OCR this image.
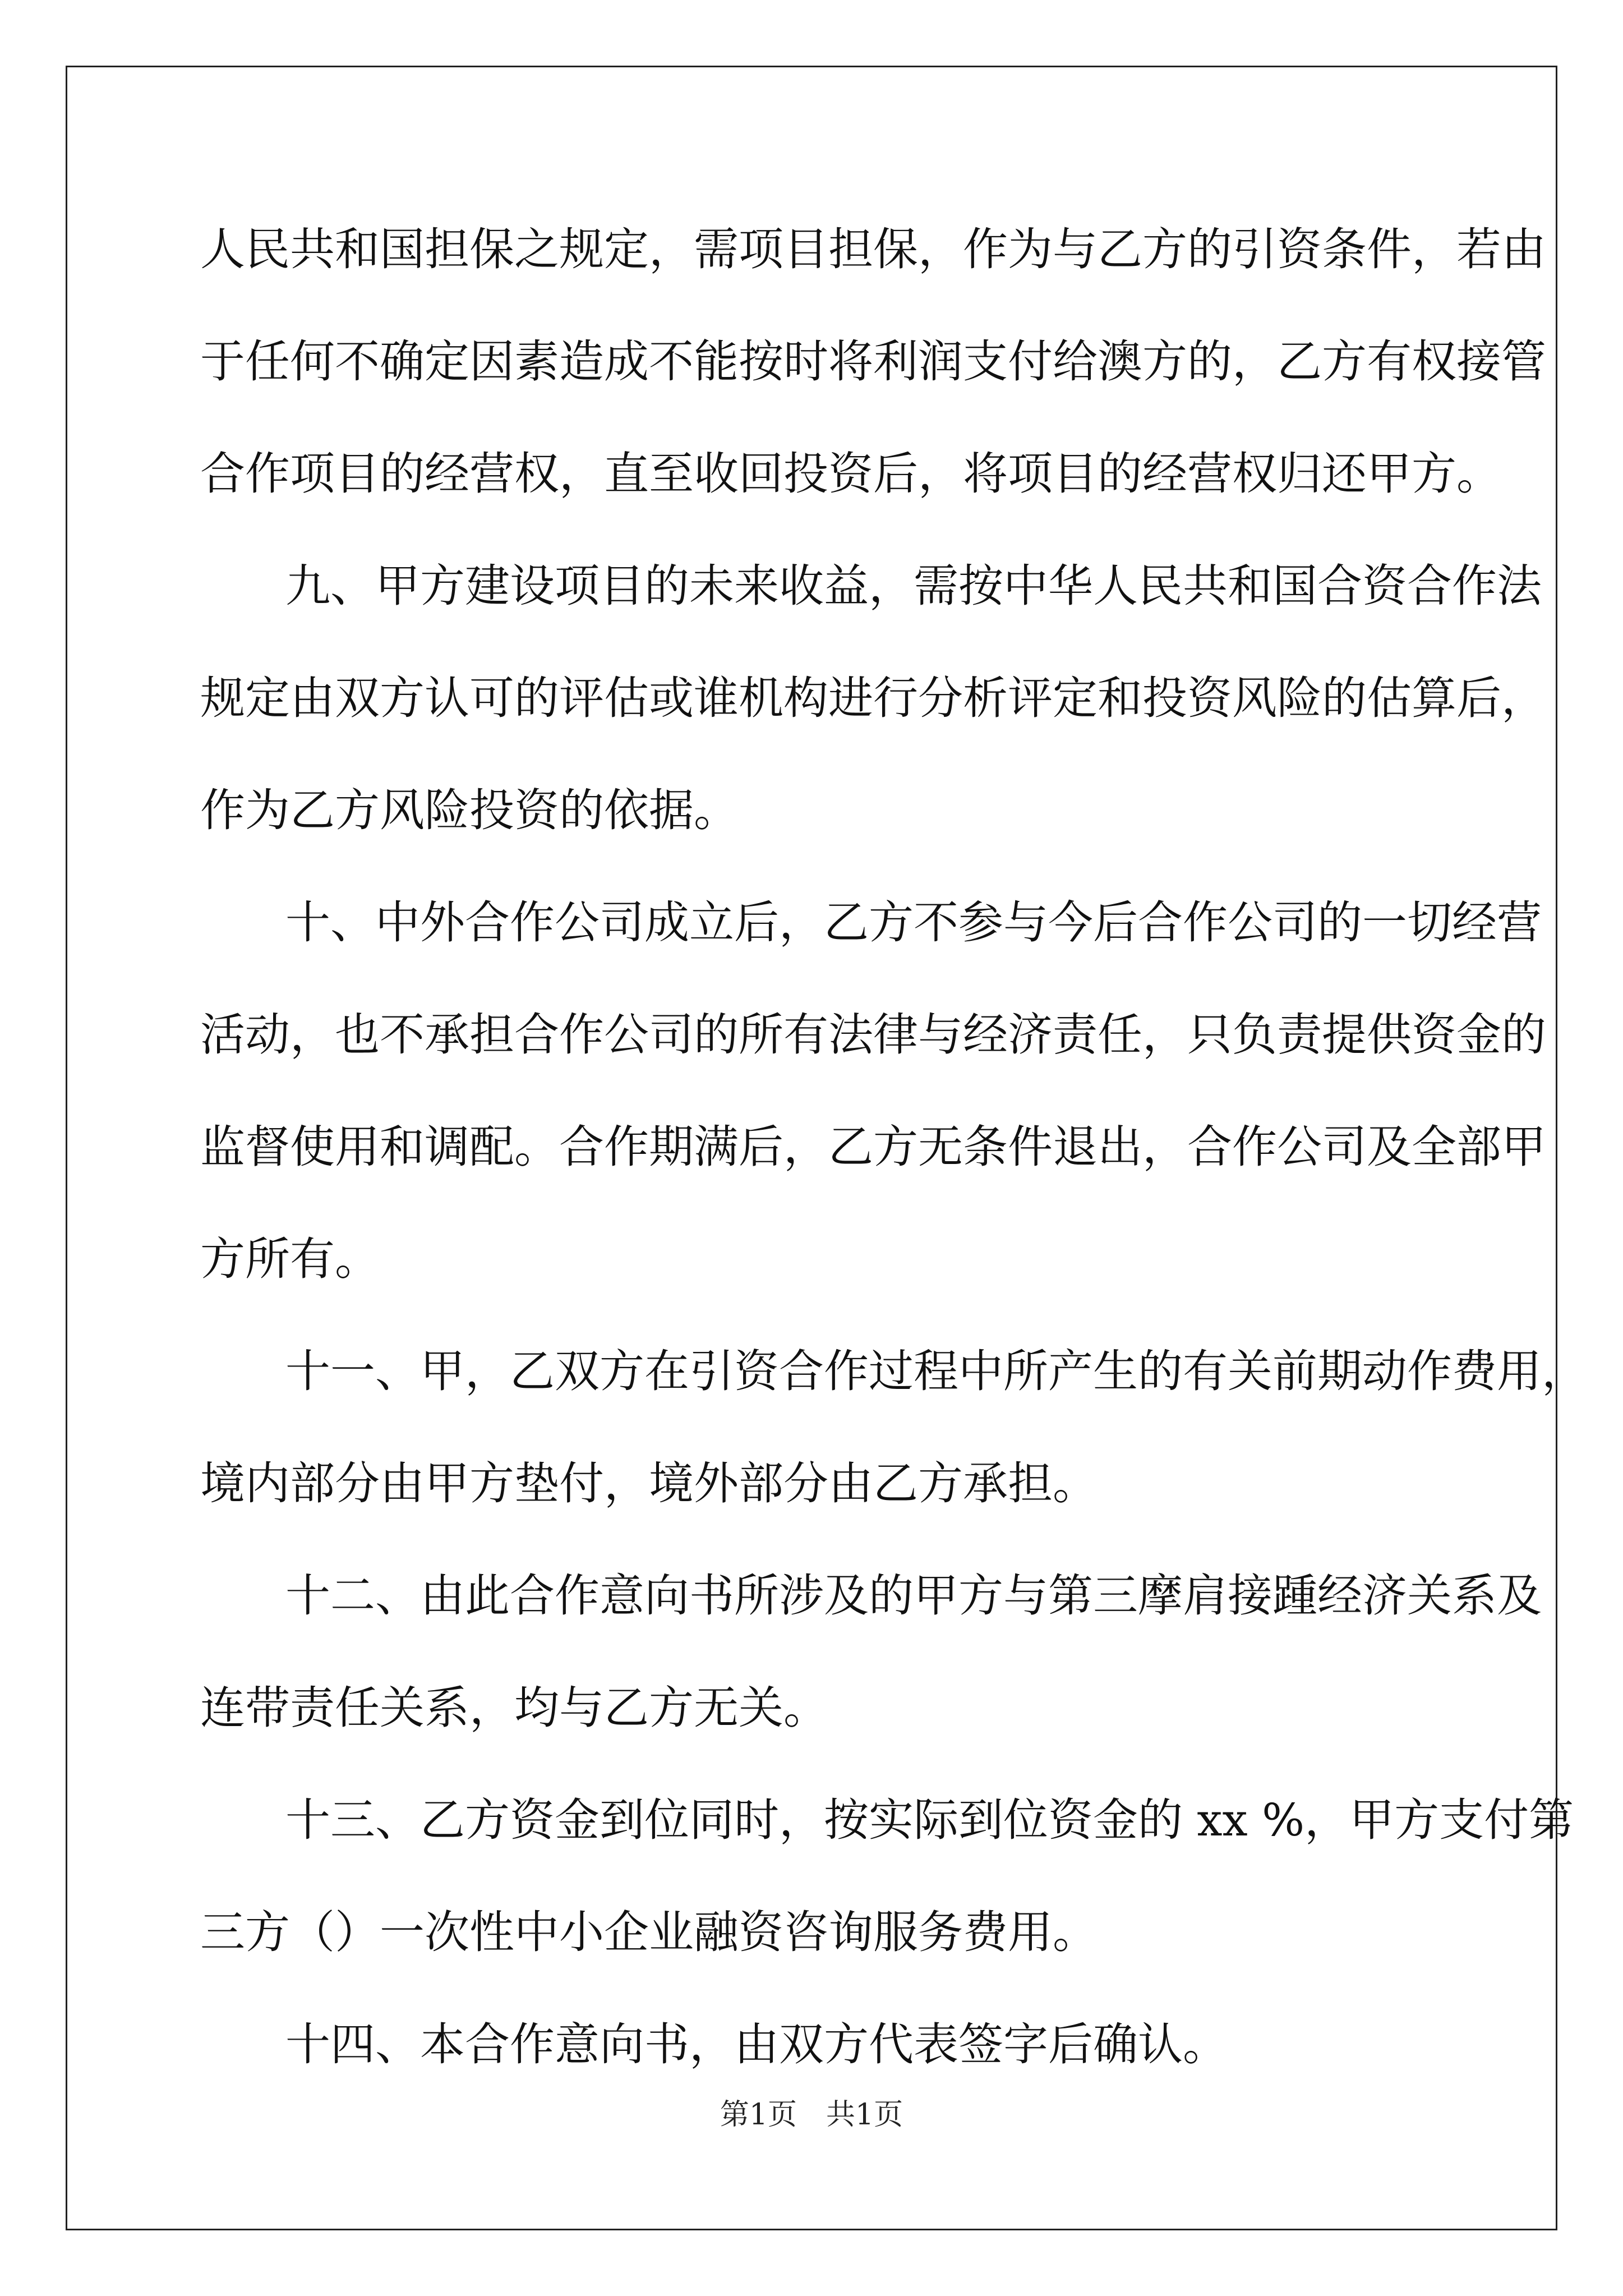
人民共和国担保之规定，需项目担保，作为与乙方的引资条件，若由
于任何不确定因素造成不能按时将利润支付给澳方的，乙方有权接管
合作项目的经营权，直至收回投资后，将项目的经营权归还甲方。
九、甲方建设项目的未来收益，需按中华人民共和国合资合作法
规定由双方认可的评估或谁机构进行分析评定和投资风险的估算后，
作为乙方风险投资的依据。
十、中外合作公司成立后，乙方不参与今后合作公司的一切经营
活动，也不承担合作公司的所有法律与经济责任，只负责提供资金的
监督使用和调配。合作期满后，乙方无条件退出，合作公司及全部甲
方所有。
十一、甲，乙双方在引资合作过程中所产生的有关前期动作费用，
境内部分由甲方垫付，境外部分由乙方承担。
十二、由此合作意向书所涉及的甲方与第三摩肩接踵经济关系及
连带责任关系，均与乙方无关。
十三、乙方资金到位同时，按实际到位资金的 xx %，甲方支付第
三方（）一次性中小企业融资咨询服务费用。
十四、本合作意向书，由双方代表签字后确认。
第1页　共1页
